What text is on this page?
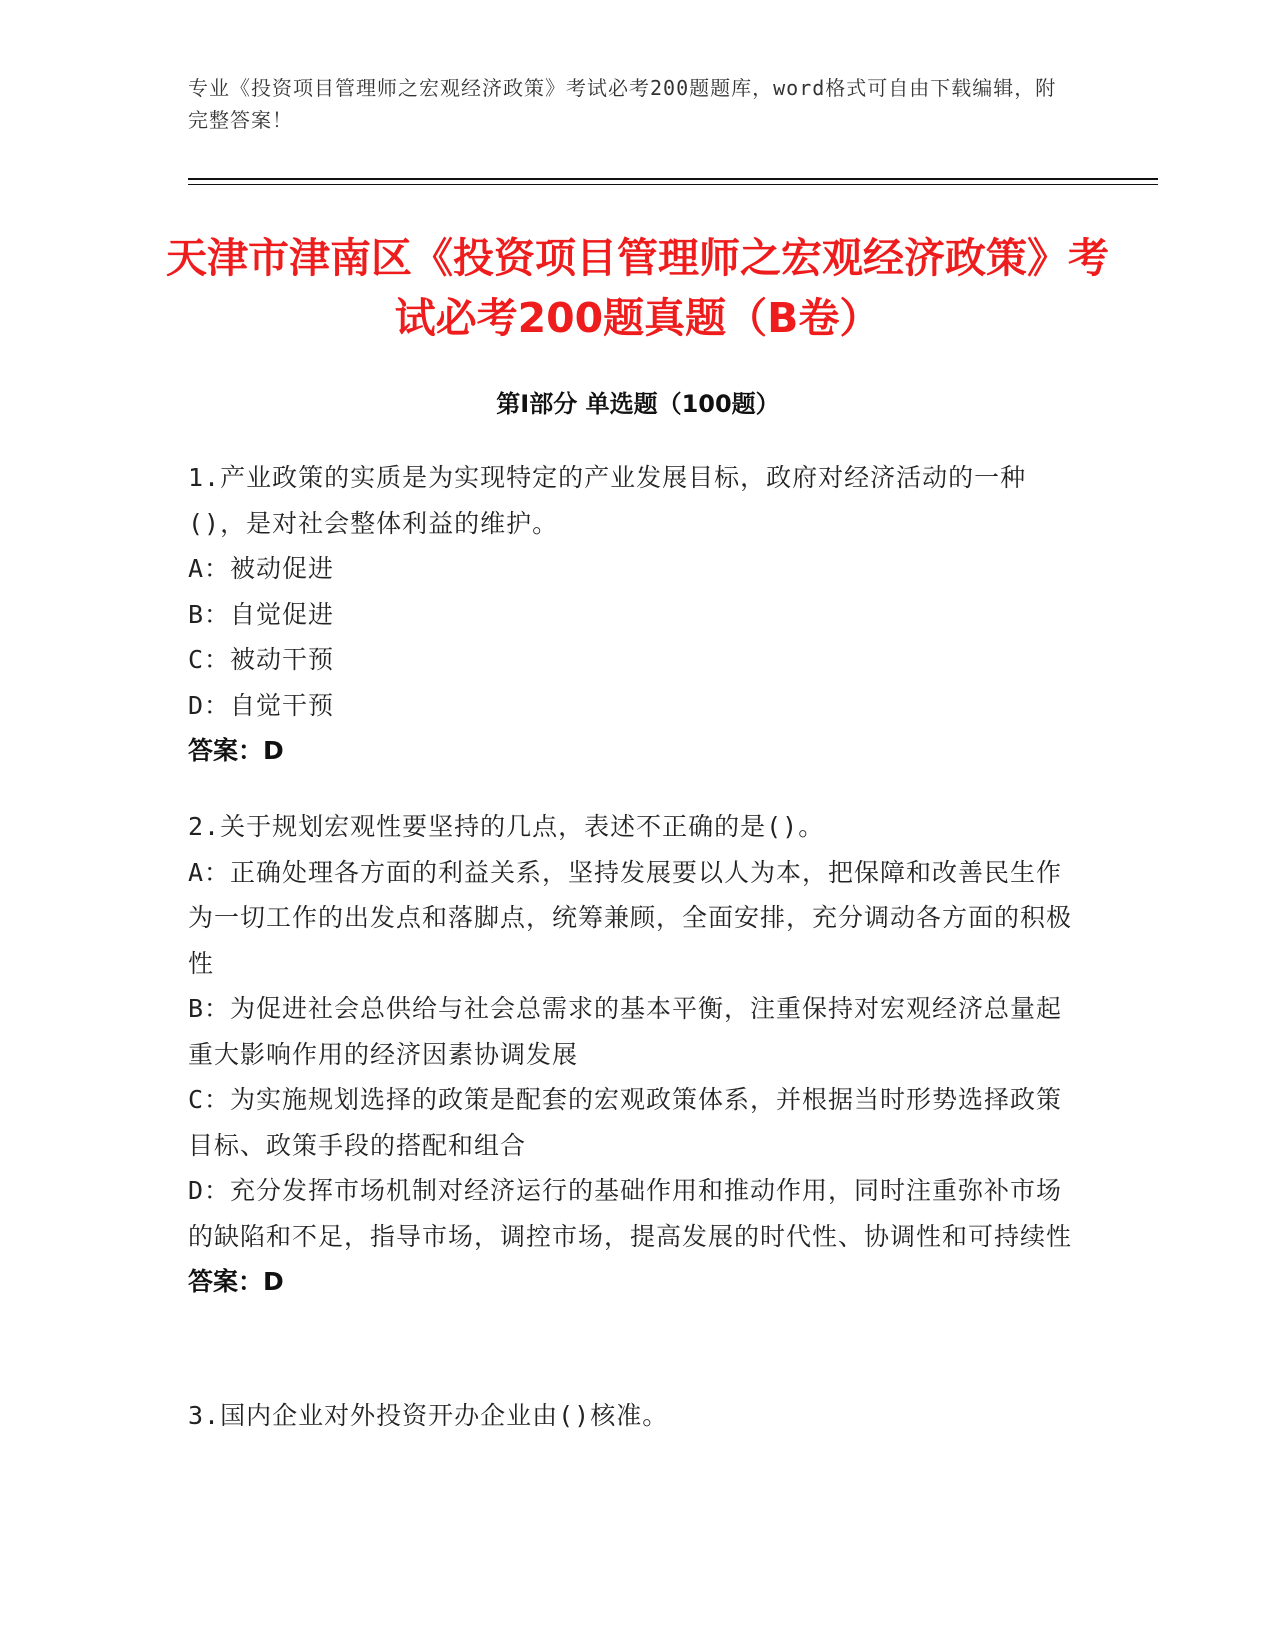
专业《投资项目管理师之宏观经济政策》考试必考200题题库，word格式可自由下载编辑，附完整答案！
天津市津南区《投资项目管理师之宏观经济政策》考试必考200题真题（B卷）
第Ⅰ部分 单选题（100题）

1.产业政策的实质是为实现特定的产业发展目标，政府对经济活动的一种()，是对社会整体利益的维护。

A：被动促进

B：自觉促进

C：被动干预

D：自觉干预

答案：D

2.关于规划宏观性要坚持的几点，表述不正确的是()。

A：正确处理各方面的利益关系，坚持发展要以人为本，把保障和改善民生作为一切工作的出发点和落脚点，统筹兼顾，全面安排，充分调动各方面的积极性

B：为促进社会总供给与社会总需求的基本平衡，注重保持对宏观经济总量起重大影响作用的经济因素协调发展

C：为实施规划选择的政策是配套的宏观政策体系，并根据当时形势选择政策目标、政策手段的搭配和组合

D：充分发挥市场机制对经济运行的基础作用和推动作用，同时注重弥补市场的缺陷和不足，指导市场，调控市场，提高发展的时代性、协调性和可持续性

答案：D

3.国内企业对外投资开办企业由()核准。
